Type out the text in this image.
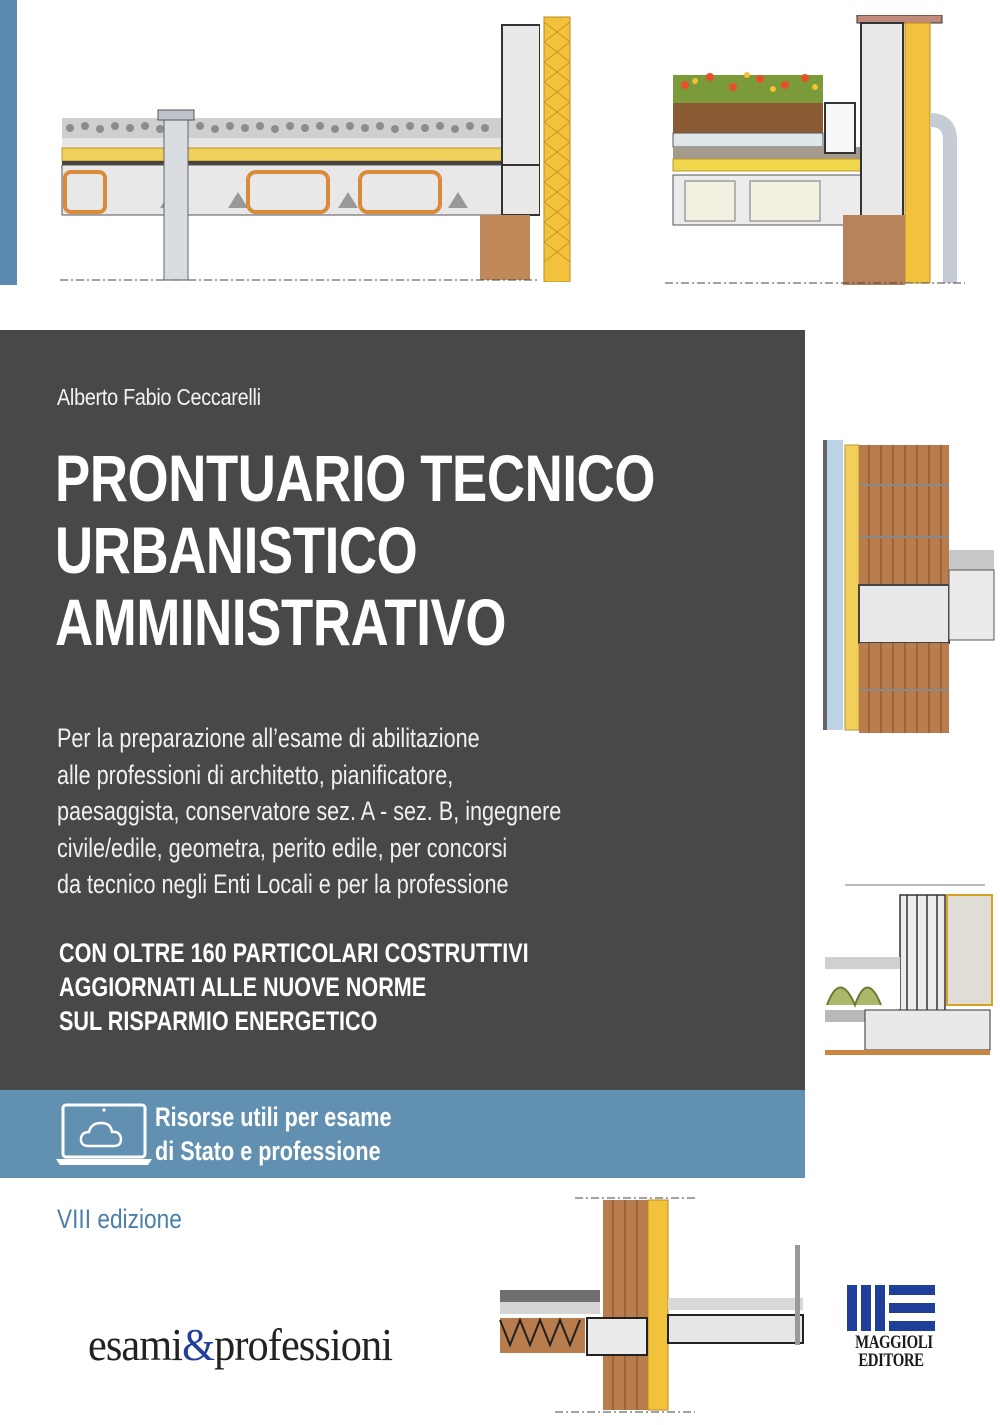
Alberto Fabio Ceccarelli
PRONTUARIO TECNICO
URBANISTICO
AMMINISTRATIVO
Per la preparazione all’esame di abilitazione
alle professioni di architetto, pianificatore,
paesaggista, conservatore sez. A - sez. B, ingegnere
civile/edile, geometra, perito edile, per concorsi
da tecnico negli Enti Locali e per la professione
CON OLTRE 160 PARTICOLARI COSTRUTTIVI
AGGIORNATI ALLE NUOVE NORME
SUL RISPARMIO ENERGETICO
Risorse utili per esame
di Stato e professione
VIII edizione
esami&professioni	MAGGIOLI
EDITORE
